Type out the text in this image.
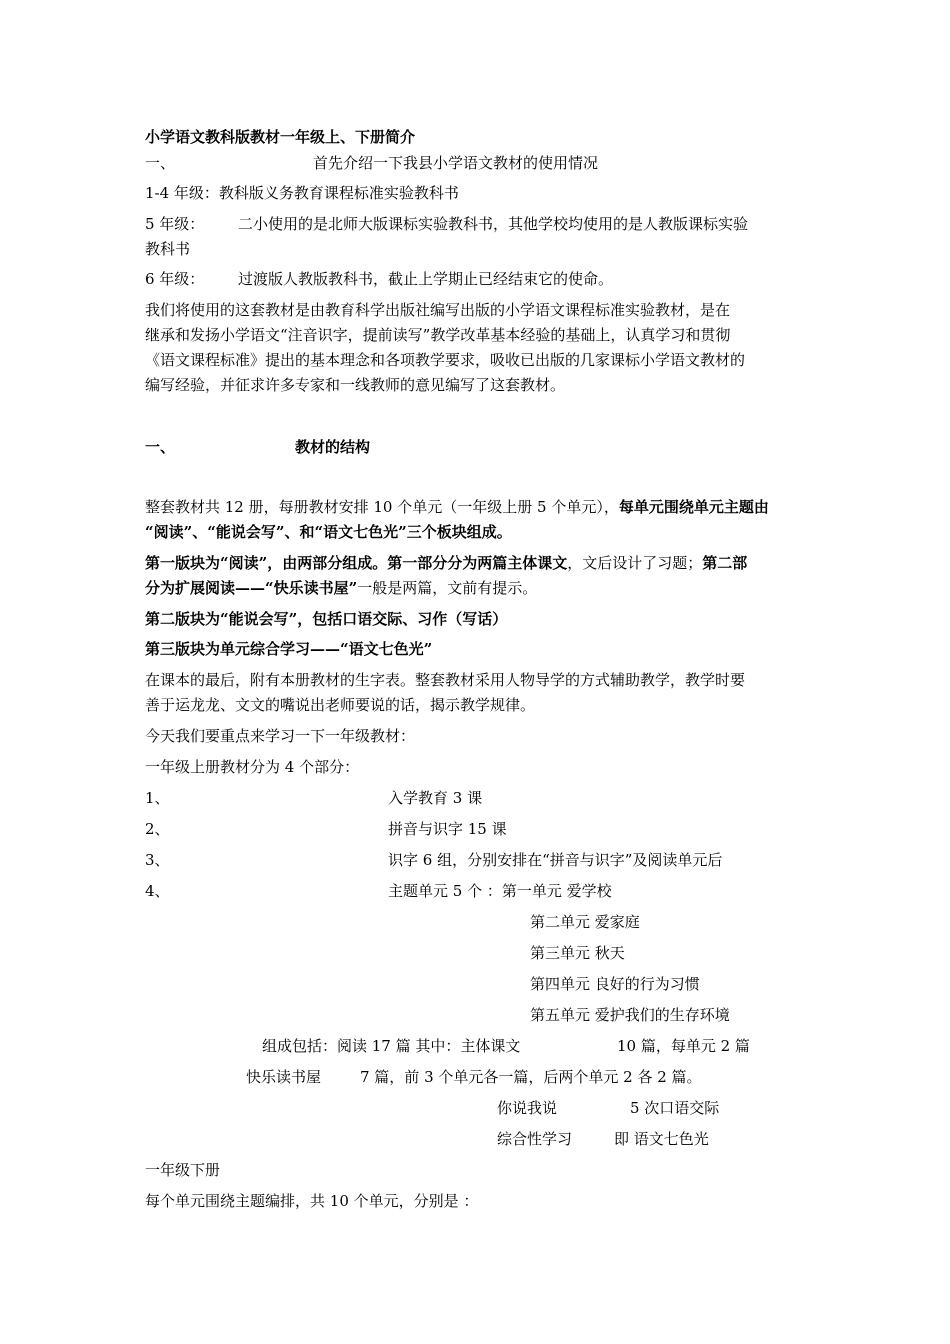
小学语文教科版教材一年级上、下册简介
一、	首先介绍一下我县小学语文教材的使用情况
1-4 年级：教科版义务教育课程标准实验教科书
5 年级： 二小使用的是北师大版课标实验教科书，其他学校均使用的是人教版课标实验
教科书
6 年级： 过渡版人教版教科书，截止上学期止已经结束它的使命。
我们将使用的这套教材是由教育科学出版社编写出版的小学语文课程标准实验教材，是在
继承和发扬小学语文“注音识字，提前读写”教学改革基本经验的基础上，认真学习和贯彻
《语文课程标准》提出的基本理念和各项教学要求，吸收已出版的几家课标小学语文教材的
编写经验，并征求许多专家和一线教师的意见编写了这套教材。
一、	教材的结构
整套教材共 12 册，每册教材安排 10 个单元（一年级上册 5 个单元），每单元围绕单元主题由
“阅读”、“能说会写”、和“语文七色光”三个板块组成。
第一版块为“阅读”，由两部分组成。第一部分分为两篇主体课文，文后设计了习题；第二部
分为扩展阅读——“快乐读书屋”一般是两篇，文前有提示。
第二版块为“能说会写”，包括口语交际、习作（写话）
第三版块为单元综合学习——“语文七色光”
在课本的最后，附有本册教材的生字表。整套教材采用人物导学的方式辅助教学，教学时要
善于运龙龙、文文的嘴说出老师要说的话，揭示教学规律。
今天我们要重点来学习一下一年级教材：
一年级上册教材分为 4 个部分：
1、	入学教育 3 课
2、	拼音与识字 15 课
3、	识字 6 组，分别安排在“拼音与识字”及阅读单元后
4、	主题单元 5 个 ：第一单元 爱学校
第二单元 爱家庭
第三单元 秋天
第四单元 良好的行为习惯
第五单元 爱护我们的生存环境
组成包括：阅读 17 篇 其中：主体课文	10 篇，每单元 2 篇
快乐读书屋	7 篇，前 3 个单元各一篇，后两个单元 2 各 2 篇。
你说我说	5 次口语交际
综合性学习	即 语文七色光
一年级下册
每个单元围绕主题编排，共 10 个单元，分别是 ：
